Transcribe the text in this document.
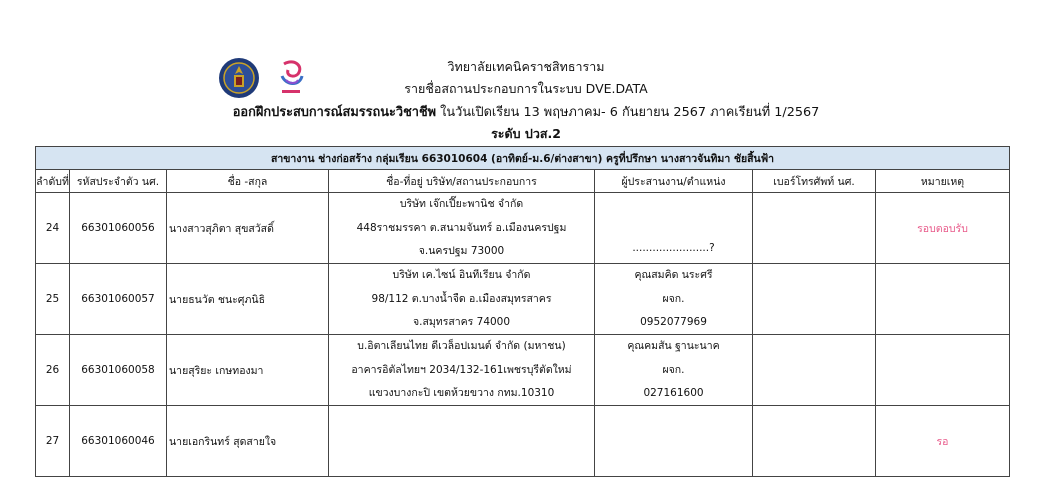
วิทยาลัยเทคนิคราชสิทธาราม
รายชื่อสถานประกอบการในระบบ DVE.DATA
ออกฝึกประสบการณ์สมรรถนะวิชาชีพ ในวันเปิดเรียน 13 พฤษภาคม- 6 กันยายน 2567 ภาคเรียนที่ 1/2567
ระดับ ปวส.2
สาขางาน ช่างก่อสร้าง กลุ่มเรียน 663010604 (อาทิตย์-ม.6/ต่างสาขา) ครูที่ปรึกษา นางสาวจันทิมา ชัยสิ้นฟ้า						
ลำดับที่	รหัสประจำตัว นศ.	ชื่อ -สกุล	ชื่อ-ที่อยู่ บริษัท/สถานประกอบการ	ผู้ประสานงาน/ตำแหน่ง	เบอร์โทรศัพท์ นศ.	หมายเหตุ
24	66301060056	นางสาวสุภิตา สุขสวัสดิ์	บริษัท เจ๊กเปี๊ยะพานิช จำกัด
448ราชมรรคา ต.สนามจันทร์ อ.เมืองนครปฐม
จ.นครปฐม 73000	.......................?		รอบตอบรับ
25	66301060057	นายธนวัต ชนะศุภนิธิ	บริษัท เค.ไซน์ อินทีเรียน จำกัด
98/112 ต.บางน้ำจืด อ.เมืองสมุทรสาคร
จ.สมุทรสาคร 74000	คุณสมคิด นระศรี
ผจก.
0952077969		

26	66301060058	นายสุริยะ เกษทองมา	บ.อิตาเลียนไทย ดีเวล็อปเมนต์ จำกัด (มหาชน)
อาคารอิตัลไทยฯ 2034/132-161เพชรบุรีตัดใหม่
แขวงบางกะปิ เขตห้วยขวาง กทม.10310	คุณคมสัน ฐานะนาค
ผจก.
027161600		

27	66301060046	นายเอกรินทร์ สุดสายใจ				รอ
